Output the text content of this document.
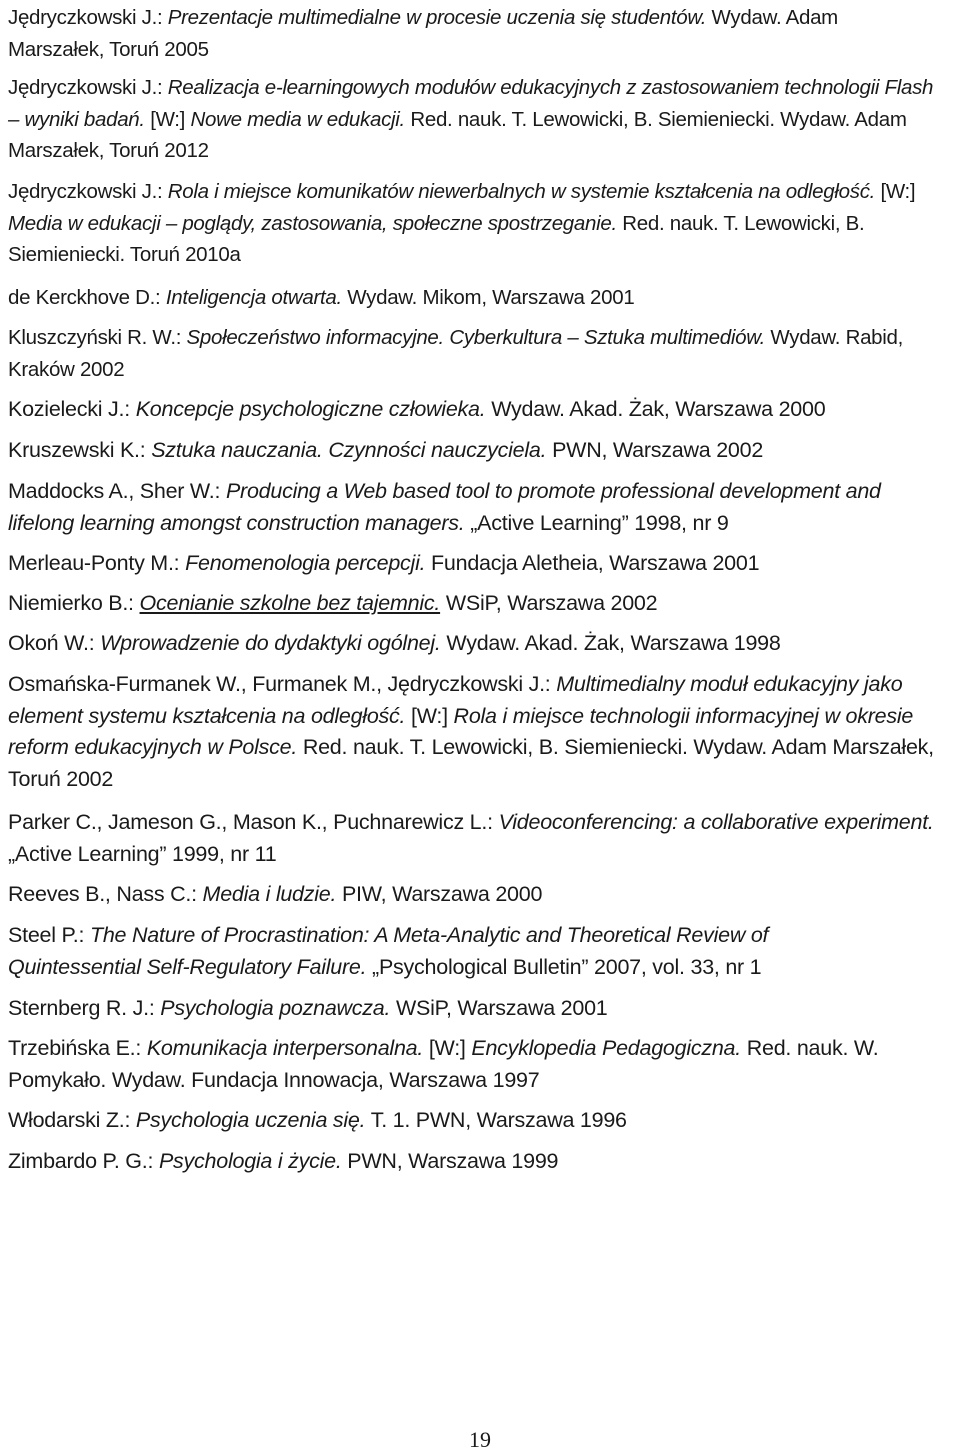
Jędryczkowski J.: Prezentacje multimedialne w procesie uczenia się studentów. Wydaw. Adam Marszałek, Toruń 2005

Jędryczkowski J.: Realizacja e-learningowych modułów edukacyjnych z zastosowaniem technologii Flash – wyniki badań. [W:] Nowe media w edukacji. Red. nauk. T. Lewowicki, B. Siemieniecki. Wydaw. Adam Marszałek, Toruń 2012

Jędryczkowski J.: Rola i miejsce komunikatów niewerbalnych w systemie kształcenia na odległość. [W:] Media w edukacji – poglądy, zastosowania, społeczne spostrzeganie. Red. nauk. T. Lewowicki, B. Siemieniecki. Toruń 2010a

de Kerckhove D.: Inteligencja otwarta. Wydaw. Mikom, Warszawa 2001

Kluszczyński R. W.: Społeczeństwo informacyjne. Cyberkultura – Sztuka multimediów. Wydaw. Rabid, Kraków 2002

Kozielecki J.: Koncepcje psychologiczne człowieka. Wydaw. Akad. Żak, Warszawa 2000

Kruszewski K.: Sztuka nauczania. Czynności nauczyciela. PWN, Warszawa 2002

Maddocks A., Sher W.: Producing a Web based tool to promote professional development and lifelong learning amongst construction managers. „Active Learning” 1998, nr 9

Merleau-Ponty M.: Fenomenologia percepcji. Fundacja Aletheia, Warszawa 2001

Niemierko B.: Ocenianie szkolne bez tajemnic. WSiP, Warszawa 2002

Okoń W.: Wprowadzenie do dydaktyki ogólnej. Wydaw. Akad. Żak, Warszawa 1998

Osmańska-Furmanek W., Furmanek M., Jędryczkowski J.: Multimedialny moduł edukacyjny jako element systemu kształcenia na odległość. [W:] Rola i miejsce technologii informacyjnej w okresie reform edukacyjnych w Polsce. Red. nauk. T. Lewowicki, B. Siemieniecki. Wydaw. Adam Marszałek, Toruń 2002

Parker C., Jameson G., Mason K., Puchnarewicz L.: Videoconferencing: a collaborative experiment. „Active Learning” 1999, nr 11

Reeves B., Nass C.: Media i ludzie. PIW, Warszawa 2000

Steel P.: The Nature of Procrastination: A Meta-Analytic and Theoretical Review of Quintessential Self-Regulatory Failure. „Psychological Bulletin” 2007, vol. 33, nr 1

Sternberg R. J.: Psychologia poznawcza. WSiP, Warszawa 2001

Trzebińska E.: Komunikacja interpersonalna. [W:] Encyklopedia Pedagogiczna. Red. nauk. W. Pomykało. Wydaw. Fundacja Innowacja, Warszawa 1997

Włodarski Z.: Psychologia uczenia się. T. 1. PWN, Warszawa 1996

Zimbardo P. G.: Psychologia i życie. PWN, Warszawa 1999

19
